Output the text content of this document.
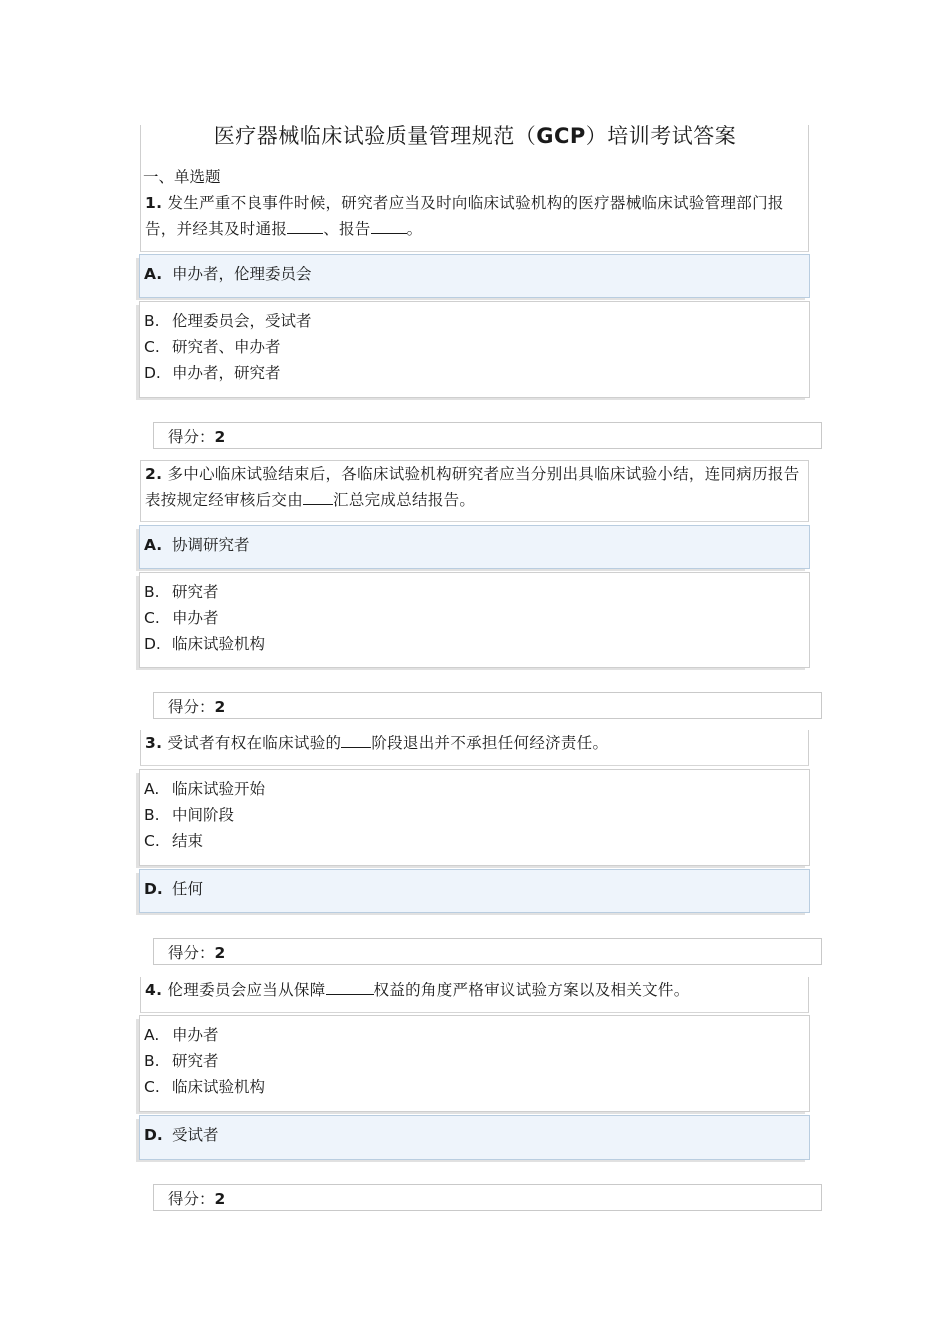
医疗器械临床试验质量管理规范（GCP）培训考试答案
一、单选题
1. 发生严重不良事件时候，研究者应当及时向临床试验机构的医疗器械临床试验管理部门报告，并经其及时通报 、报告 。
A. 申办者，伦理委员会
B. 伦理委员会，受试者
C. 研究者、申办者
D. 申办者，研究者
得分：2
2. 多中心临床试验结束后，各临床试验机构研究者应当分别出具临床试验小结，连同病历报告表按规定经审核后交由 汇总完成总结报告。
A. 协调研究者
B. 研究者
C. 申办者
D. 临床试验机构
得分：2
3. 受试者有权在临床试验的 阶段退出并不承担任何经济责任。
A. 临床试验开始
B. 中间阶段
C. 结束
D. 任何
得分：2
4. 伦理委员会应当从保障	权益的角度严格审议试验方案以及相关文件。
A. 申办者
B. 研究者
C. 临床试验机构
D. 受试者
得分：2
